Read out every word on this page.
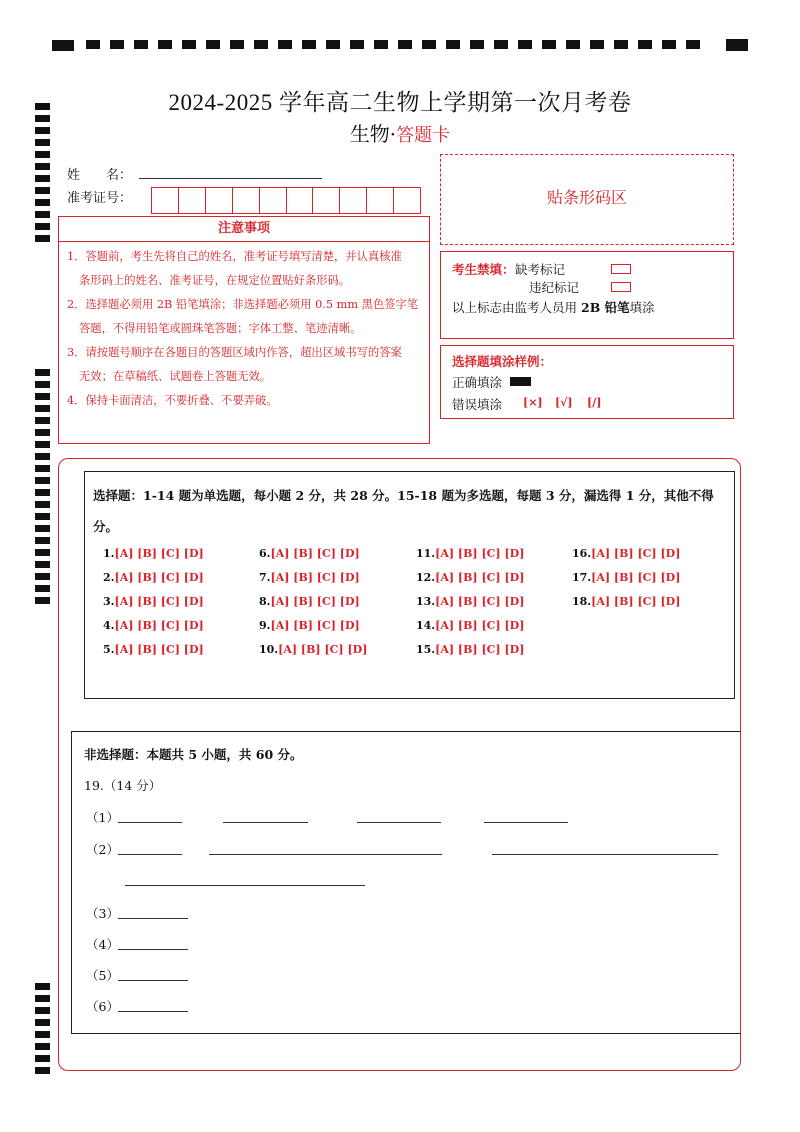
2024-2025 学年高二生物上学期第一次月考卷
生物·答题卡
姓　　名：
准考证号：
注意事项
1．答题前，考生先将自己的姓名，准考证号填写清楚，并认真核准
条形码上的姓名、准考证号，在规定位置贴好条形码。
2．选择题必须用 2B 铅笔填涂；非选择题必须用 0.5 mm 黑色签字笔
答题，不得用铅笔或圆珠笔答题；字体工整、笔迹清晰。
3．请按题号顺序在各题目的答题区域内作答，超出区域书写的答案
无效；在草稿纸、试题卷上答题无效。
4．保持卡面清洁，不要折叠、不要弄破。
贴条形码区
考生禁填： 缺考标记
违纪标记
以上标志由监考人员用 2B 铅笔填涂
选择题填涂样例：
正确填涂
错误填涂 [×] [√] [/]
选择题：1-14 题为单选题，每小题 2 分，共 28 分。15-18 题为多选题，每题 3 分，漏选得 1 分，其他不得分。
1.[A] [B] [C] [D]
2.[A] [B] [C] [D]
3.[A] [B] [C] [D]
4.[A] [B] [C] [D]
5.[A] [B] [C] [D]
6.[A] [B] [C] [D]
7.[A] [B] [C] [D]
8.[A] [B] [C] [D]
9.[A] [B] [C] [D]
10.[A] [B] [C] [D]
11.[A] [B] [C] [D]
12.[A] [B] [C] [D]
13.[A] [B] [C] [D]
14.[A] [B] [C] [D]
15.[A] [B] [C] [D]
16.[A] [B] [C] [D]
17.[A] [B] [C] [D]
18.[A] [B] [C] [D]
非选择题：本题共 5 小题，共 60 分。
19.（14 分）
（1）
（2）
（3）
（4）
（5）
（6）
